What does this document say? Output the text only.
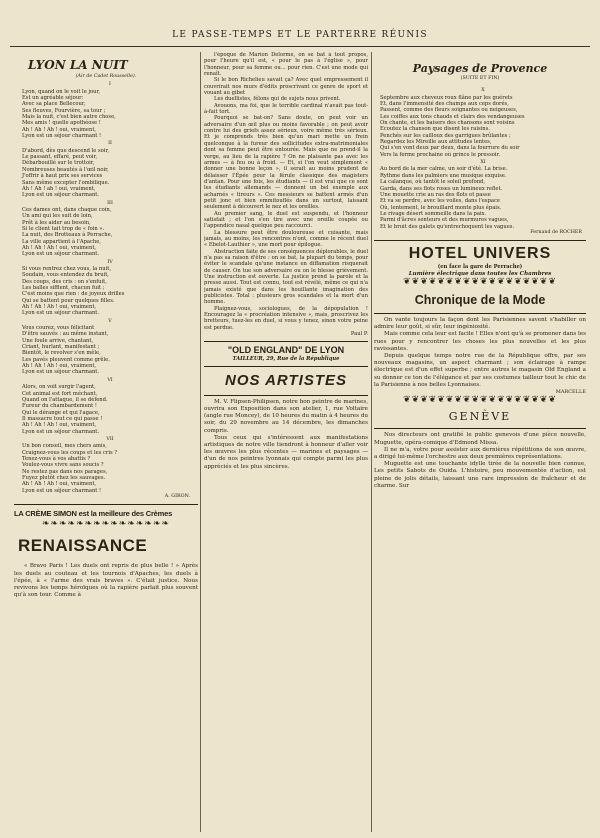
LE PASSE-TEMPS ET LE PARTERRE RÉUNIS
LYON LA NUIT
(Air de Cadet Rousselle).
I

Lyon, quand on le voit le jour,

Est un agréable séjour:

Avec sa place Bellecour,

Ses fleuves, Fourvière, sa tour ;

Mais la nuit, c'est bien autre chose,

Mes amis ! quelle apothéose !

Ah ! Ah ! Ah ! oui, vraiment,

Lyon est un séjour charmant !

II

D'abord, dès que descend le soir,

Le passant, effaré, peut voir,

Débarbouillé sur le trottoir,

Nombreuses beautés à l'œil noir,

J'offrir à haut prix ses services

Sans même excepter l'ombilique.

Ah ! Ah ! ah ! oui, vraiment,

Lyon est un séjour charmant.

III

Ces dames ont, dans chaque coin,

Un ami qui les suit de loin,

Prêt à les aider au besoin,

Si le client tait trop de « foin ».

La nuit, des Brotteaux à Perrache,

La ville appartient à l'Apache,

Ah ! Ah ! Ah ! oui, vraiment,

Lyon est un séjour charmant.

IV

Si vous rentrez chez vous, la nuit,

Soudain, vous entendez du bruit,

Des coups, des cris : on s'enfuit,

Les balles sifflent, chacun fuit ;

C'est moins que rien : de joyeux drilles

Qui se battent pour quelques filles.

Ah ! Ah ! Ah ! oui, vraiment,

Lyon est un séjour charmant.

V

Vous courez, vous félicitant

D'être sauvés : au même instant,

Une foule arrive, chantant,

Criant, hurlant, manifestant ;

Bientôt, le revolver s'en mêle,

Les pavés pleuvent comme grêle.

Ah ! Ah ! Ah ! oui, vraiment,

Lyon est un séjour charmant.

VI

Alors, on voit surgir l'agent,

Cet animal est fort méchant,

Quand on l'attaque, il se défend.

Fureur du chambardement !

Qui le dérange et qui l'agace,

Il massacre tout ce qui passe !

Ah ! Ah ! Ah ! oui, vraiment,

Lyon est un séjour charmant.

VII

Un bon conseil, mes chers amis,

Craignez-vous les coups et les cris ?

Tenez-vous à vos abattis ?

Voulez-vous vivre sans soucis ?

Ne restez pas dans nos parages,

Fuyez plutôt chez les sauvages.

Ah ! Ah ! Ah ! oui, vraiment,

Lyon est un séjour charmant !

A. GIRON.
LA CRÈME SIMON est la meilleure des Crèmes
❧❧❧❧❧❧❧❧❧❧❧❧❧❧❧
RENAISSANCE

« Bravo Paris ! Les duels ont repris de plus belle ! » Après les duels au couteau et les tournois d'Apaches, les duels à l'épée, à « l'arme des vrais braves ». C'était justice. Nous revivons les temps héroïques où la rapière parlait plus souvent qu'à son tour. Comme à

l'époque de Marion Delorme, on se bat à tout propos, pour l'heure qu'il est, « pour le pas à l'église », pour l'honneur, pour sa femme ou... pour rien. C'est une mode qui renaît.

Si le bon Richelieu savait ça? Avec quel empressement il couvrirait nos murs d'édits proscrivant ce genre de sport et vouant au gibet

Les duellistes, félons qui de sujets nous privent.

Avouons, ma foi, que le terrible cardinal n'avait pas tout-à-fait tort.

Pourquoi se bat-on? Sans doute, on peut voir un adversaire d'un œil plus ou moins favorable ; on peut avoir contre lui des griefs assez sérieux, voire même très sérieux. Et je comprends très bien qu'un mari mette un frein quelconque à la fureur des sollicitudes extra-matrimoniales dont sa femme peut être entourée. Mais que ne prend-il la verge, au lieu de la rapière ? On ne plaisante pas avec les armes — à feu ou à froid. — Et, si l'on veut simplement « donner une bonne leçon », il serait au moins prudent de délaisser l'Épée pour la férule classique des magisters d'antan. Pour une fois, les étudiants — il est vrai que ce sont les étudiants allemands — donnent un bel exemple aux acharnés « tireurs ». Ces messieurs se battent armés d'un petit jonc et bien emmitouflés dans un surtout, laissant seulement à découvert le nez et les oreilles.

Au premier sang, le duel est suspendu, et l'honneur satisfait ; et l'on s'en tire avec une oreille coupée ou l'appendice nasal quelque peu raccourci.

La blessure peut être douloureuse et cuisante, mais jamais, au moins, les rencontres n'ont, comme le récent duel « Ebelot-Lauthier », une mort pour épilogue.

Abstraction faite de ses conséquences déplorables, le duel n'a pas sa raison d'être : on se bat, la plupart du temps, pour éviter le scandale qu'une instance en diffamation risquerait de causer. On tue son adversaire ou on le blesse grièvement. Une instruction est ouverte. La justice prend la parole et la presse aussi. Tout est connu, tout est révélé, même ce qui n'a jamais existé que dans les houillante imagination des publicistes. Total : plusieurs gros scandales et la mort d'un homme.

Plaignez-vous, sociologues, de la dépopulation ! Encouragez la « procréation intensive », mais, proscrivez les bretteurs, tuez-les en duel, si vous y tenez, sinon votre peine est perdue.

Paul P.
"OLD ENGLAND" DE LYON
TAILLEUR, 29, Rue de la République
NOS ARTISTES

M. V. Flipsen-Philipsen, notre bon peintre de marines, ouvrira son Exposition dans son atelier, 1, rue Voltaire (angle rue Moncey), de 10 heures du matin à 4 heures du soir, du 29 novembre au 14 décembre, les dimanches compris.

Tous ceux qui s'intéressent aux manifestations artistiques de notre ville tiendront à honneur d'aller voir les œuvres les plus récentes — marines et paysages — d'un de nos peintres lyonnais qui compte parmi les plus appréciés et les plus sincères.

Paysages de Provence
(SUITE ET FIN)
X

Septembre aux cheveux roux flâne par les guérets

Et, dans l'immensité des champs aux ceps dorés,

Passent, comme des fleurs soignantes ou neigeuses,

Les coiffes aux tons chauds et clairs des vendangeuses

On chante, et les baisers des chansons sont voisins

Ecoutez la chanson que disent les raisins.

Penchés sur les cailloux des garrigues brûlantes ;

Regardez les Mireille aux attitudes lentes,

Qui s'en vont deux par deux, dans la fourrure du soir

Vers la ferme prochaine où grince le pressoir.

XI

Au bord de la mer calme, un soir d'été. La brise.

Rythme dans les palmiers une musique exquise.

La calanque, où tantôt le soleil profond,

Garda, dans ses flots roses un lumineux reflet.

Une mouette crie au ras des flots et passe

Et va se perdre, avec les voiles, dans l'espace

Où, lentement, le brouillard monte plus épais.

Le rivage désert sommeille dans la paix.

Parmi d'âcres senteurs et des murmures vagues,

Et le bruit des galets qu'entrechoquent les vagues.

Fernand de ROCHER
HOTEL UNIVERS
(en face la gare de Perrache)
Lumière électrique dans toutes les Chambres
❦❦❦❦❦❦❦❦❦❦❦❦❦❦❦❦❦❦
Chronique de la Mode

On vante toujours la façon dont les Parisiennes savent s'habiller on admire leur goût, si sûr, leur ingéniosité.

Mais comme cela leur est facile ! Elles n'ont qu'à se promener dans les rues pour y rencontrer les choses les plus nouvelles et les plus ravissantes.

Depuis quelque temps notre rue de la République offre, par ses nouveaux magasins, un aspect charmant ; son éclairage à rampe électrique est d'un effet superbe ; entre autres le magasin Old England a su donner ce ton de l'élégance et par ses costumes tailleur tout le chic de la Parisienne à nos belles Lyonnaises.

MARCELLE
❦❦❦❦❦❦❦❦❦❦❦❦❦❦❦❦❦❦
GENÈVE

Nos directeurs ont gratifié le public genevois d'une pièce nouvelle, Muguette, opéra-comique d'Edmond Missa.

Il ne m'a, votre pour assister aux dernières répétitions de son œuvre, a dirigé lui-même l'orchestre aux deux premières représentations.

Muguette est une touchante idylle tirée de la nouvelle bien connue, Les petits Sabots de Ouida. L'histoire, peu mouvementée d'action, est pleine de jolis détails, laissant une rare impression de fraîcheur et de charme. Sur
